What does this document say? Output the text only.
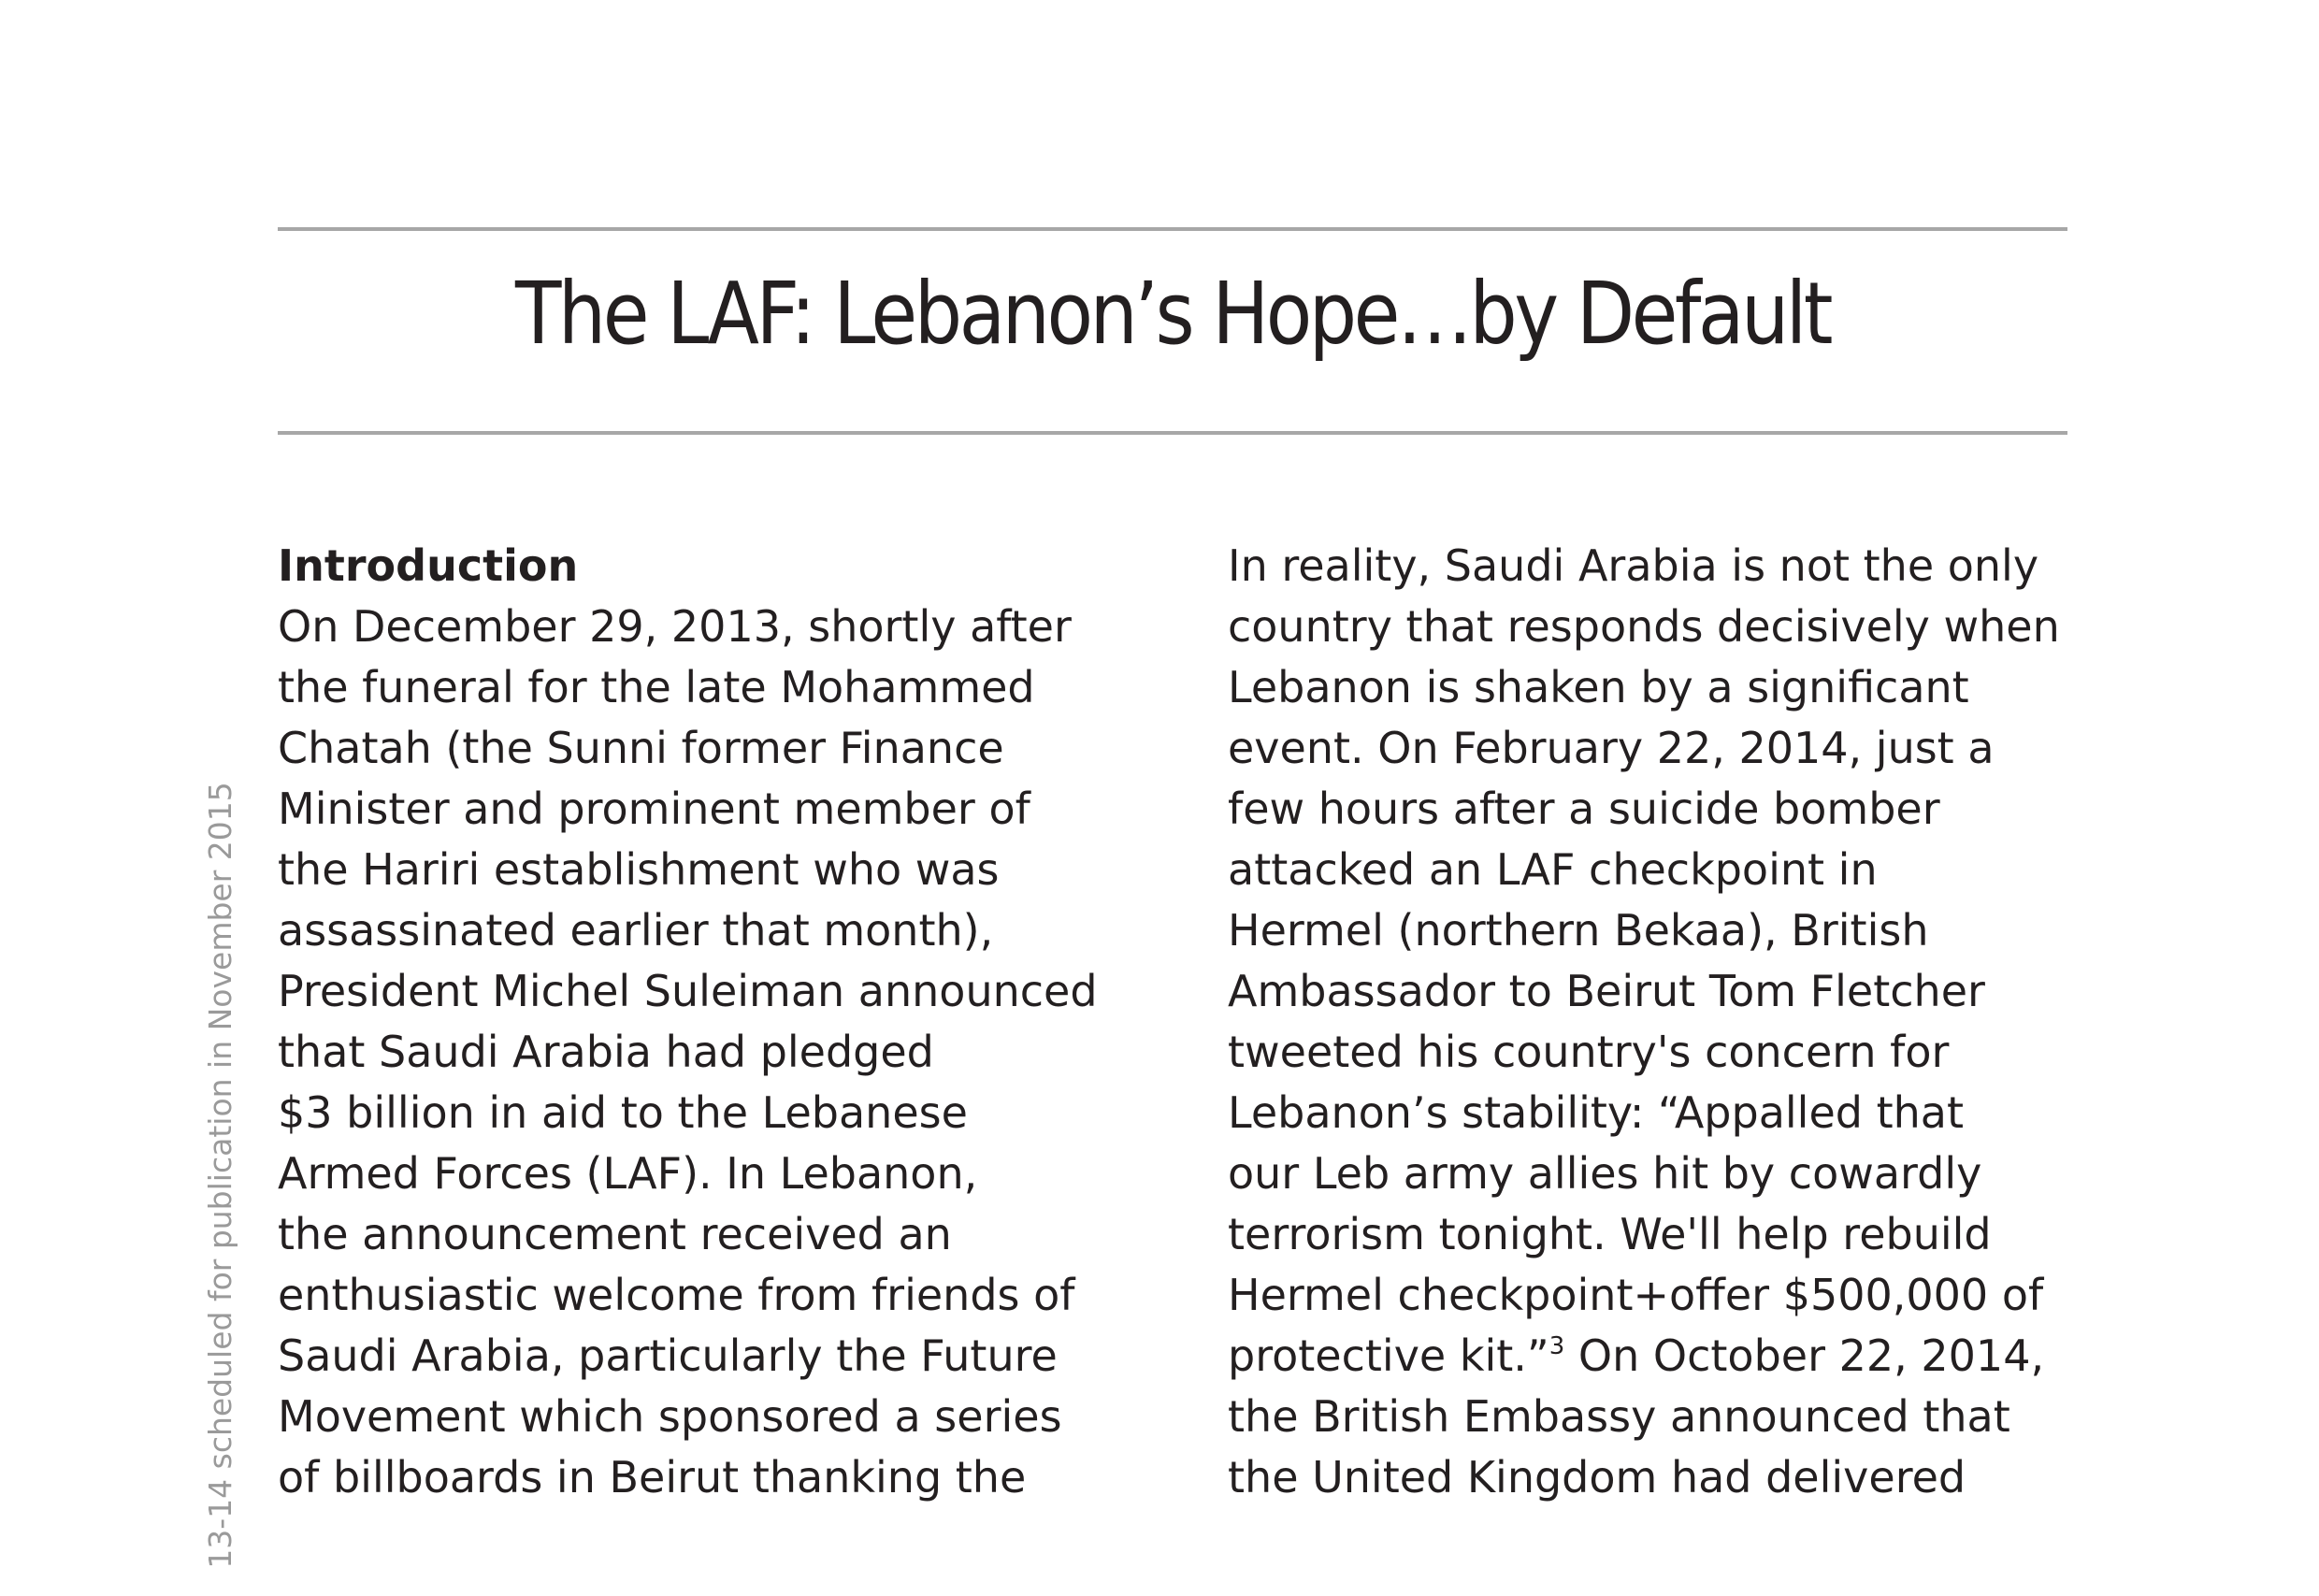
The LAF: Lebanon’s Hope…by Default
13-14 scheduled for publication in November 2015
Introduction
On December 29, 2013, shortly after
the funeral for the late Mohammed
Chatah (the Sunni former Finance
Minister and prominent member of
the Hariri establishment who was
assassinated earlier that month),
President Michel Suleiman announced
that Saudi Arabia had pledged
$3 billion in aid to the Lebanese
Armed Forces (LAF). In Lebanon,
the announcement received an
enthusiastic welcome from friends of
Saudi Arabia, particularly the Future
Movement which sponsored a series
of billboards in Beirut thanking the
In reality, Saudi Arabia is not the only
country that responds decisively when
Lebanon is shaken by a significant
event. On February 22, 2014, just a
few hours after a suicide bomber
attacked an LAF checkpoint in
Hermel (northern Bekaa), British
Ambassador to Beirut Tom Fletcher
tweeted his country's concern for
Lebanon’s stability: “Appalled that
our Leb army allies hit by cowardly
terrorism tonight. We'll help rebuild
Hermel checkpoint+offer $500,000 of
protective kit.”$^3$ On October 22, 2014,
the British Embassy announced that
the United Kingdom had delivered
